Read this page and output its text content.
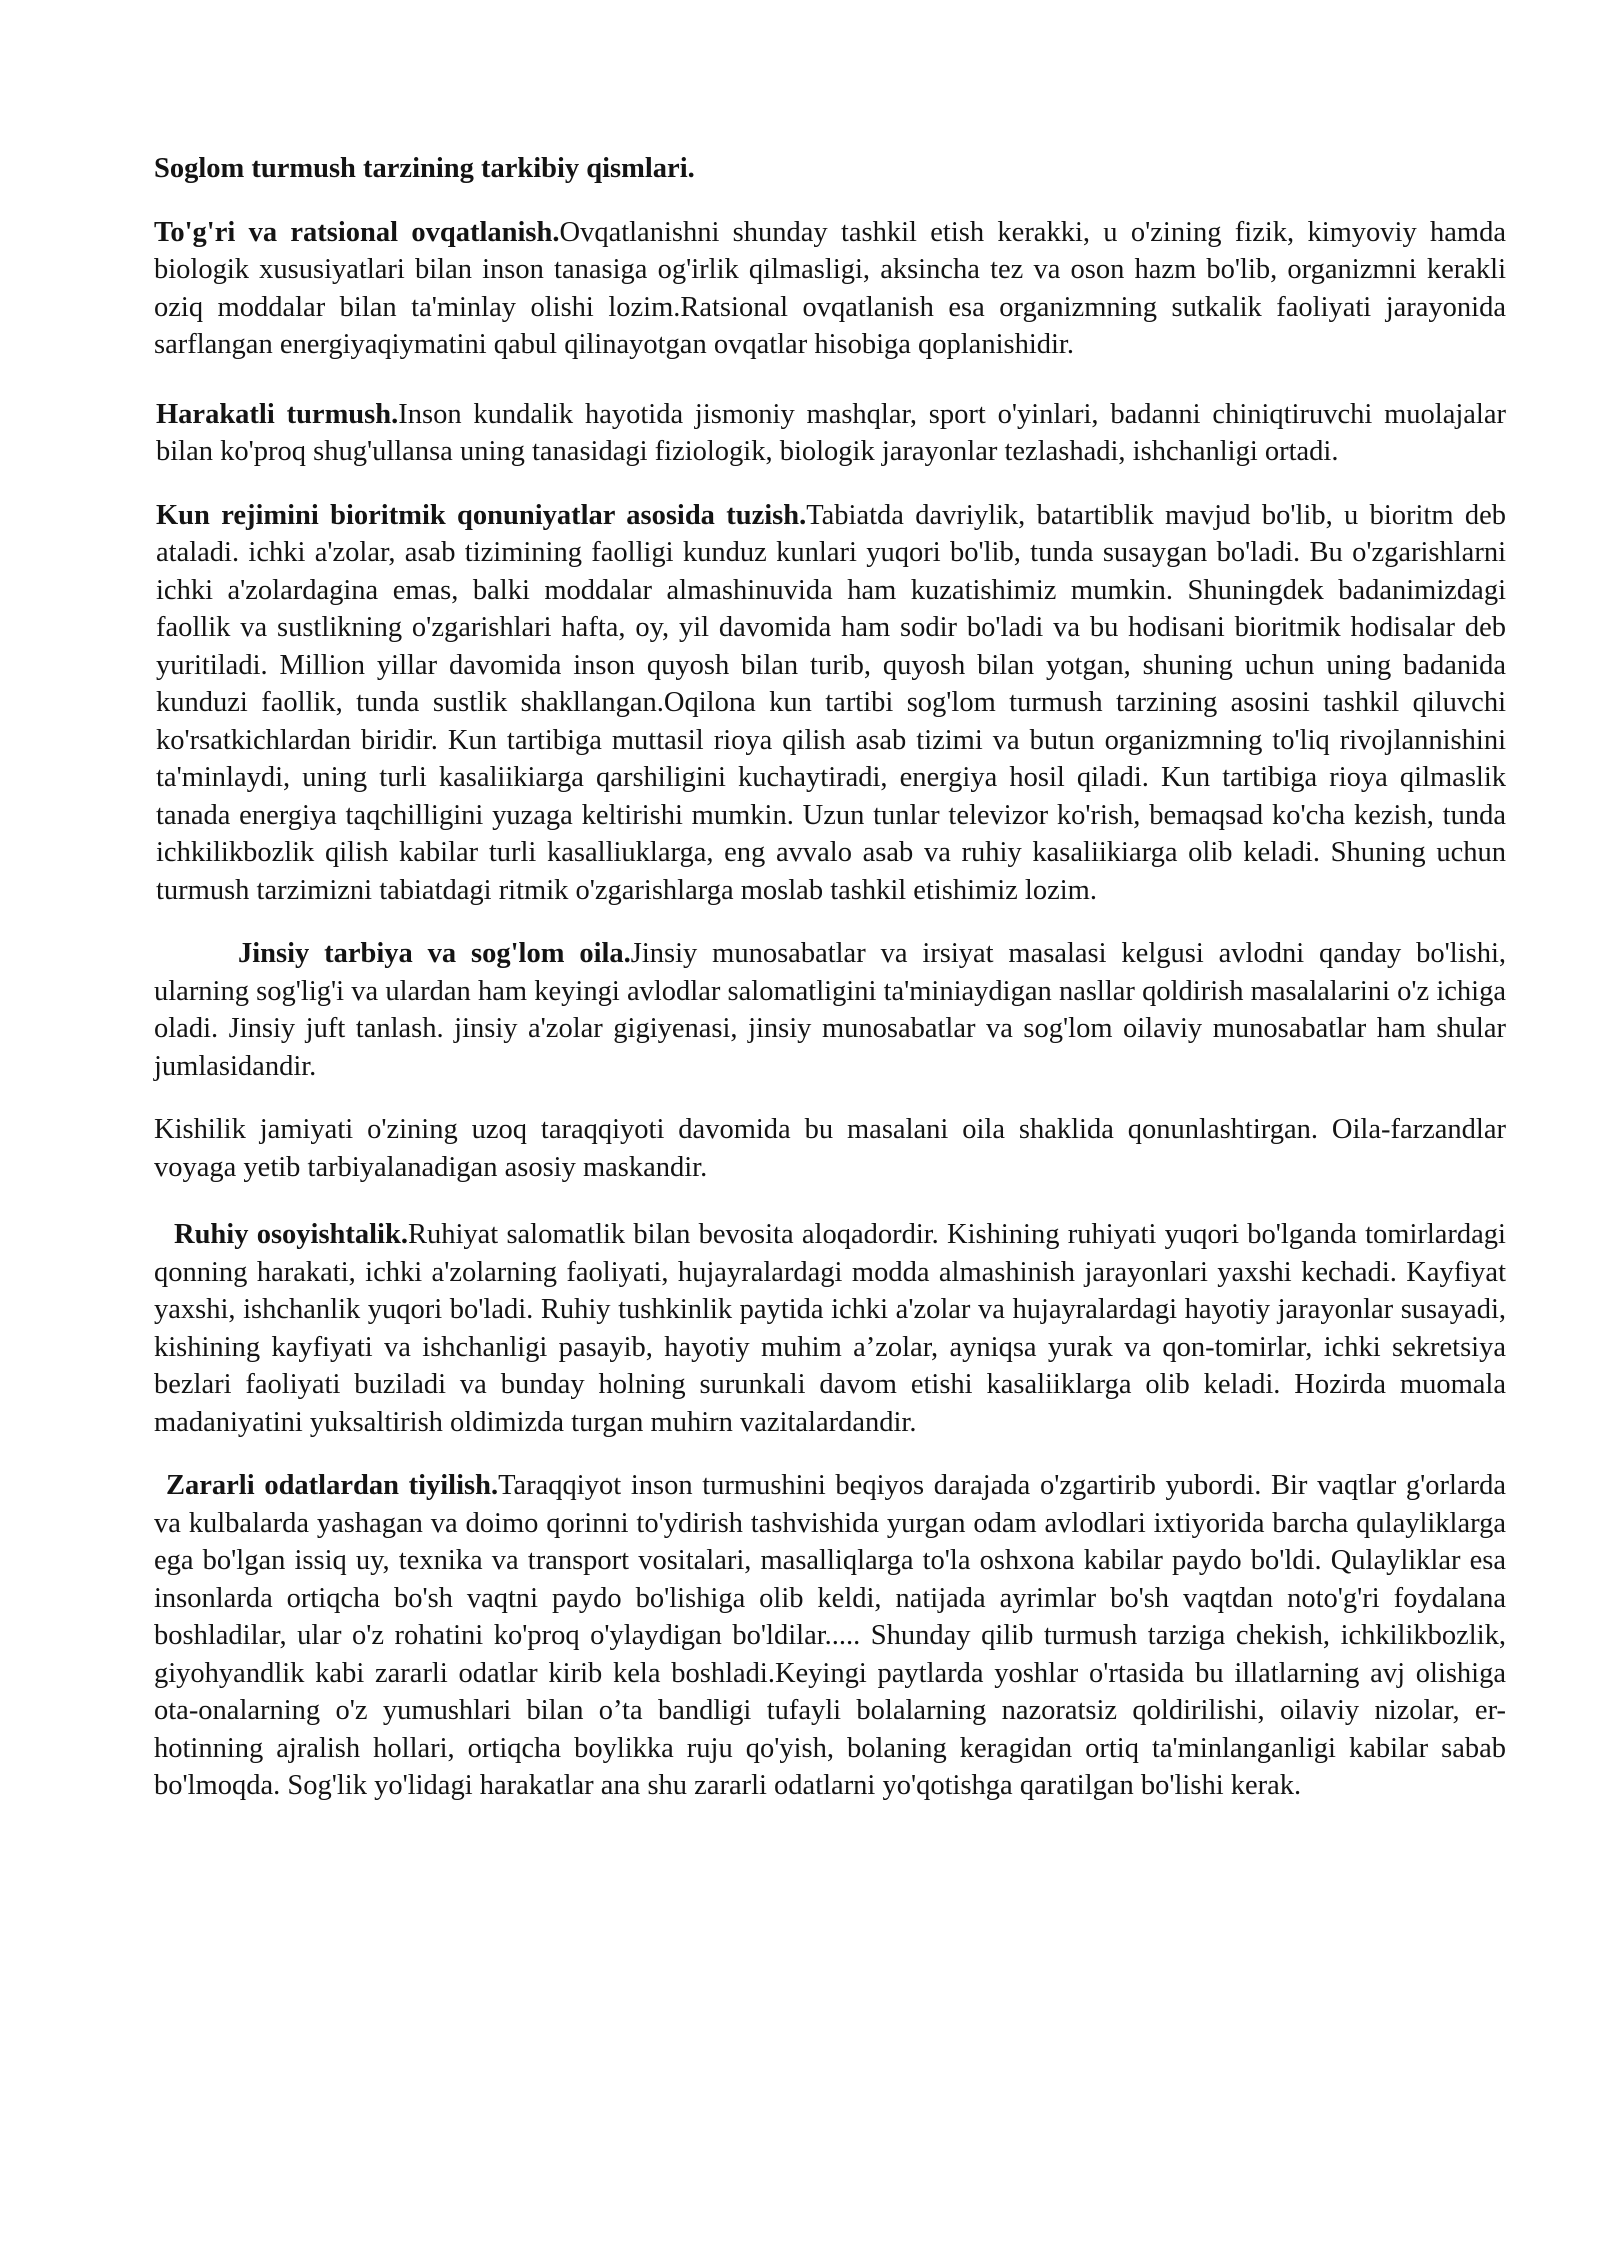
Soglom turmush tarzining tarkibiy qismlari.

To'g'ri va ratsional ovqatlanish.Ovqatlanishni shunday tashkil etish kerakki, u o'zining fizik, kimyoviy hamda biologik xususiyatlari bilan inson tanasiga og'irlik qilmasligi, aksincha tez va oson hazm bo'lib, organizmni kerakli oziq moddalar bilan ta'minlay olishi lozim.Ratsional ovqatlanish esa organizmning sutkalik faoliyati jarayonida sarflangan energiyaqiymatini qabul qilinayotgan ovqatlar hisobiga qoplanishidir.

Harakatli turmush.Inson kundalik hayotida jismoniy mashqlar, sport o'yinlari, badanni chiniqtiruvchi muolajalar bilan ko'proq shug'ullansa uning tanasidagi fiziologik, biologik jarayonlar tezlashadi, ishchanligi ortadi.

Kun rejimini bioritmik qonuniyatlar asosida tuzish.Tabiatda davriylik, batartiblik mavjud bo'lib, u bioritm deb ataladi. ichki a'zolar, asab tizimining faolligi kunduz kunlari yuqori bo'lib, tunda susaygan bo'ladi. Bu o'zgarishlarni ichki a'zolardagina emas, balki moddalar almashinuvida ham kuzatishimiz mumkin. Shuningdek badanimizdagi faollik va sustlikning o'zgarishlari hafta, oy, yil davomida ham sodir bo'ladi va bu hodisani bioritmik hodisalar deb yuritiladi. Million yillar davomida inson quyosh bilan turib, quyosh bilan yotgan, shuning uchun uning badanida kunduzi faollik, tunda sustlik shakllangan.Oqilona kun tartibi sog'lom turmush tarzining asosini tashkil qiluvchi ko'rsatkichlardan biridir. Kun tartibiga muttasil rioya qilish asab tizimi va butun organizmning to'liq rivojlannishini ta'minlaydi, uning turli kasaliikiarga qarshiligini kuchaytiradi, energiya hosil qiladi. Kun tartibiga rioya qilmaslik tanada energiya taqchilligini yuzaga keltirishi mumkin. Uzun tunlar televizor ko'rish, bemaqsad ko'cha kezish, tunda ichkilikbozlik qilish kabilar turli kasalliuklarga, eng avvalo asab va ruhiy kasaliikiarga olib keladi. Shuning uchun turmush tarzimizni tabiatdagi ritmik o'zgarishlarga moslab tashkil etishimiz lozim.

Jinsiy tarbiya va sog'lom oila.Jinsiy munosabatlar va irsiyat masalasi kelgusi avlodni qanday bo'lishi, ularning sog'lig'i va ulardan ham keyingi avlodlar salomatligini ta'miniaydigan nasllar qoldirish masalalarini o'z ichiga oladi. Jinsiy juft tanlash. jinsiy a'zolar gigiyenasi, jinsiy munosabatlar va sog'lom oilaviy munosabatlar ham shular jumlasidandir.

Kishilik jamiyati o'zining uzoq taraqqiyoti davomida bu masalani oila shaklida qonunlashtirgan. Oila-farzandlar voyaga yetib tarbiyalanadigan asosiy maskandir.

Ruhiy osoyishtalik.Ruhiyat salomatlik bilan bevosita aloqadordir. Kishining ruhiyati yuqori bo'lganda tomirlardagi qonning harakati, ichki a'zolarning faoliyati, hujayralardagi modda almashinish jarayonlari yaxshi kechadi. Kayfiyat yaxshi, ishchanlik yuqori bo'ladi. Ruhiy tushkinlik paytida ichki a'zolar va hujayralardagi hayotiy jarayonlar susayadi, kishining kayfiyati va ishchanligi pasayib, hayotiy muhim a’zolar, ayniqsa yurak va qon-tomirlar, ichki sekretsiya bezlari faoliyati buziladi va bunday holning surunkali davom etishi kasaliiklarga olib keladi. Hozirda muomala madaniyatini yuksaltirish oldimizda turgan muhirn vazitalardandir.

Zararli odatlardan tiyilish.Taraqqiyot inson turmushini beqiyos darajada o'zgartirib yubordi. Bir vaqtlar g'orlarda va kulbalarda yashagan va doimo qorinni to'ydirish tashvishida yurgan odam avlodlari ixtiyorida barcha qulayliklarga ega bo'lgan issiq uy, texnika va transport vositalari, masalliqlarga to'la oshxona kabilar paydo bo'ldi. Qulayliklar esa insonlarda ortiqcha bo'sh vaqtni paydo bo'lishiga olib keldi, natijada ayrimlar bo'sh vaqtdan noto'g'ri foydalana boshladilar, ular o'z rohatini ko'proq o'ylaydigan bo'ldilar..... Shunday qilib turmush tarziga chekish, ichkilikbozlik, giyohyandlik kabi zararli odatlar kirib kela boshladi.Keyingi paytlarda yoshlar o'rtasida bu illatlarning avj olishiga ota-onalarning o'z yumushlari bilan o’ta bandligi tufayli bolalarning nazoratsiz qoldirilishi, oilaviy nizolar, er-hotinning ajralish hollari, ortiqcha boylikka ruju qo'yish, bolaning keragidan ortiq ta'minlanganligi kabilar sabab bo'lmoqda. Sog'lik yo'lidagi harakatlar ana shu zararli odatlarni yo'qotishga qaratilgan bo'lishi kerak.
